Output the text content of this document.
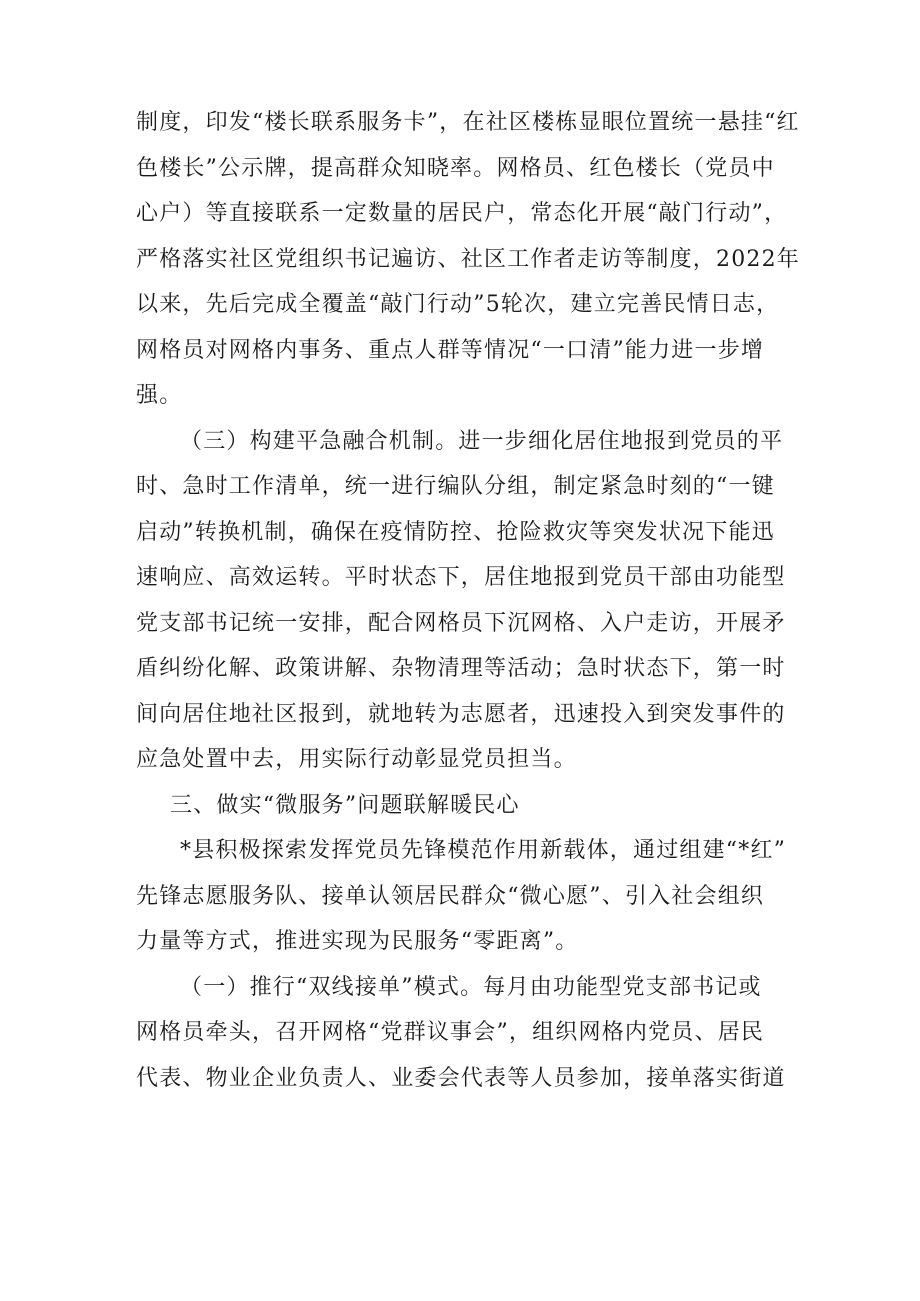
制度，印发“楼长联系服务卡”，在社区楼栋显眼位置统一悬挂“红
色楼长”公示牌，提高群众知晓率。网格员、红色楼长（党员中
心户）等直接联系一定数量的居民户，常态化开展“敲门行动”，
严格落实社区党组织书记遍访、社区工作者走访等制度，2022年
以来，先后完成全覆盖“敲门行动”5轮次，建立完善民情日志，
网格员对网格内事务、重点人群等情况“一口清”能力进一步增
强。
（三）构建平急融合机制。进一步细化居住地报到党员的平
时、急时工作清单，统一进行编队分组，制定紧急时刻的“一键
启动”转换机制，确保在疫情防控、抢险救灾等突发状况下能迅
速响应、高效运转。平时状态下，居住地报到党员干部由功能型
党支部书记统一安排，配合网格员下沉网格、入户走访，开展矛
盾纠纷化解、政策讲解、杂物清理等活动；急时状态下，第一时
间向居住地社区报到，就地转为志愿者，迅速投入到突发事件的
应急处置中去，用实际行动彰显党员担当。
三、做实“微服务”问题联解暖民心
*县积极探索发挥党员先锋模范作用新载体，通过组建“*红”
先锋志愿服务队、接单认领居民群众“微心愿”、引入社会组织
力量等方式，推进实现为民服务“零距离”。
（一）推行“双线接单”模式。每月由功能型党支部书记或
网格员牵头，召开网格“党群议事会”，组织网格内党员、居民
代表、物业企业负责人、业委会代表等人员参加，接单落实街道
